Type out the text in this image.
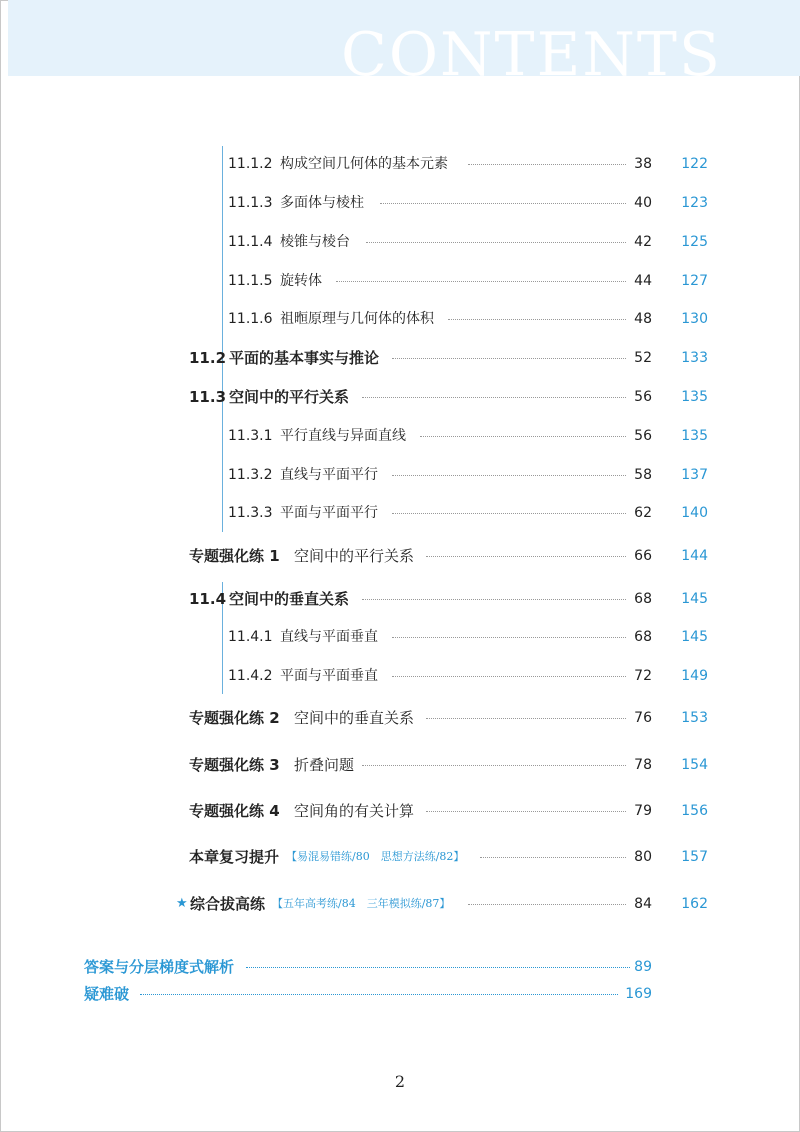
CONTENTS
11.1.2 构成空间几何体的基本元素	38	122
11.1.3 多面体与棱柱	40	123
11.1.4 棱锥与棱台	42	125
11.1.5 旋转体	44	127
11.1.6 祖暅原理与几何体的体积	48	130
11.2 平面的基本事实与推论	52	133
11.3 空间中的平行关系	56	135
11.3.1 平行直线与异面直线	56	135
11.3.2 直线与平面平行	58	137
11.3.3 平面与平面平行	62	140
专题强化练 1 空间中的平行关系	66	144
11.4 空间中的垂直关系	68	145
11.4.1 直线与平面垂直	68	145
11.4.2 平面与平面垂直	72	149
专题强化练 2 空间中的垂直关系	76	153
专题强化练 3 折叠问题	78	154
专题强化练 4 空间角的有关计算	79	156
本章复习提升 【易混易错练/80　思想方法练/82】	80	157
★ 综合拔高练 【五年高考练/84　三年模拟练/87】	84	162
答案与分层梯度式解析	89
疑难破	169
2
